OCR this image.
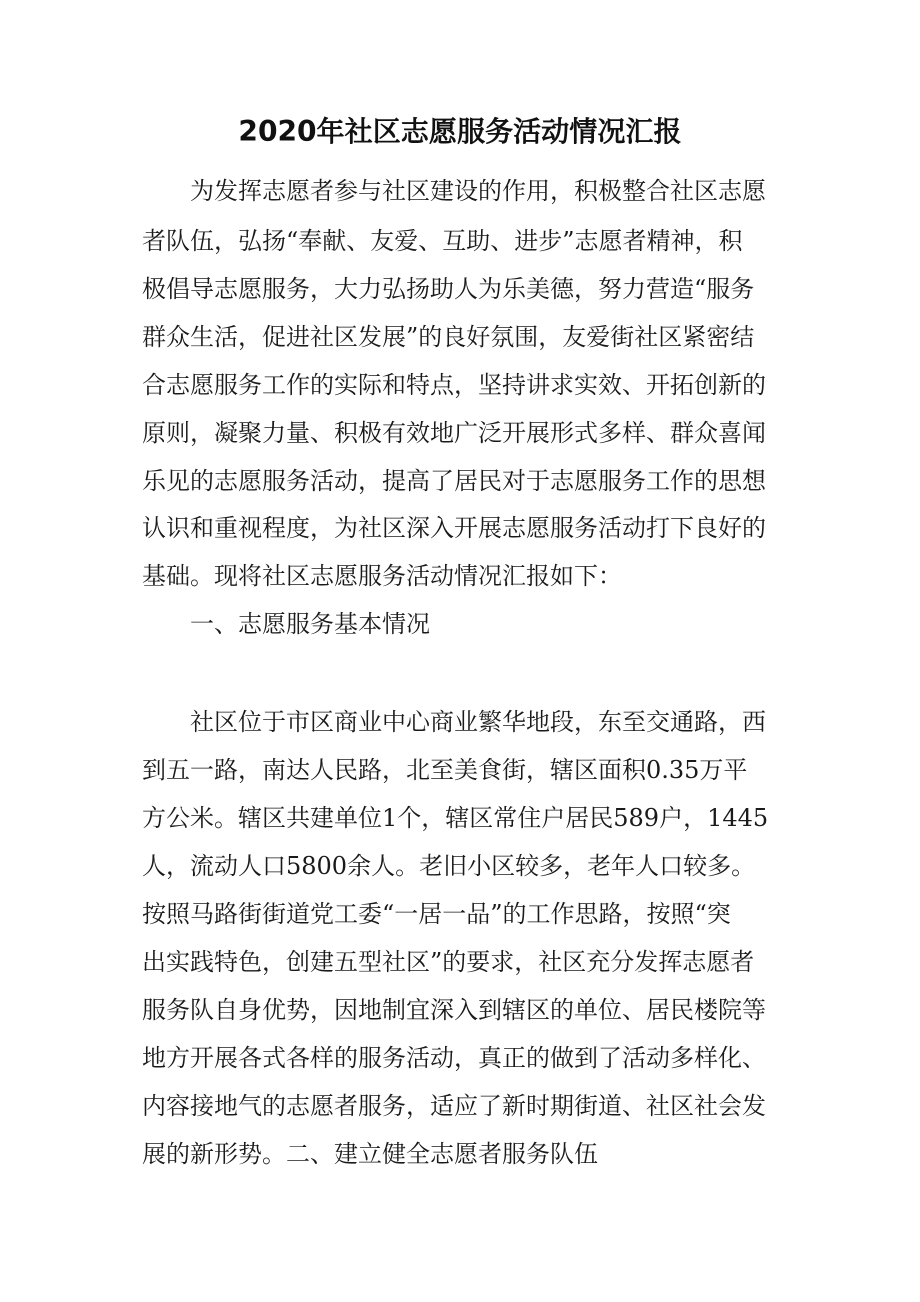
2020年社区志愿服务活动情况汇报
为发挥志愿者参与社区建设的作用，积极整合社区志愿
者队伍，弘扬“奉献、友爱、互助、进步”志愿者精神，积
极倡导志愿服务，大力弘扬助人为乐美德，努力营造“服务
群众生活，促进社区发展”的良好氛围，友爱街社区紧密结
合志愿服务工作的实际和特点，坚持讲求实效、开拓创新的
原则，凝聚力量、积极有效地广泛开展形式多样、群众喜闻
乐见的志愿服务活动，提高了居民对于志愿服务工作的思想
认识和重视程度，为社区深入开展志愿服务活动打下良好的
基础。现将社区志愿服务活动情况汇报如下：
一、志愿服务基本情况
社区位于市区商业中心商业繁华地段，东至交通路，西
到五一路，南达人民路，北至美食街，辖区面积0.35万平
方公米。辖区共建单位1个，辖区常住户居民589户，1445
人，流动人口5800余人。老旧小区较多，老年人口较多。
按照马路街街道党工委“一居一品”的工作思路，按照“突
出实践特色，创建五型社区”的要求，社区充分发挥志愿者
服务队自身优势，因地制宜深入到辖区的单位、居民楼院等
地方开展各式各样的服务活动，真正的做到了活动多样化、
内容接地气的志愿者服务，适应了新时期街道、社区社会发
展的新形势。二、建立健全志愿者服务队伍
